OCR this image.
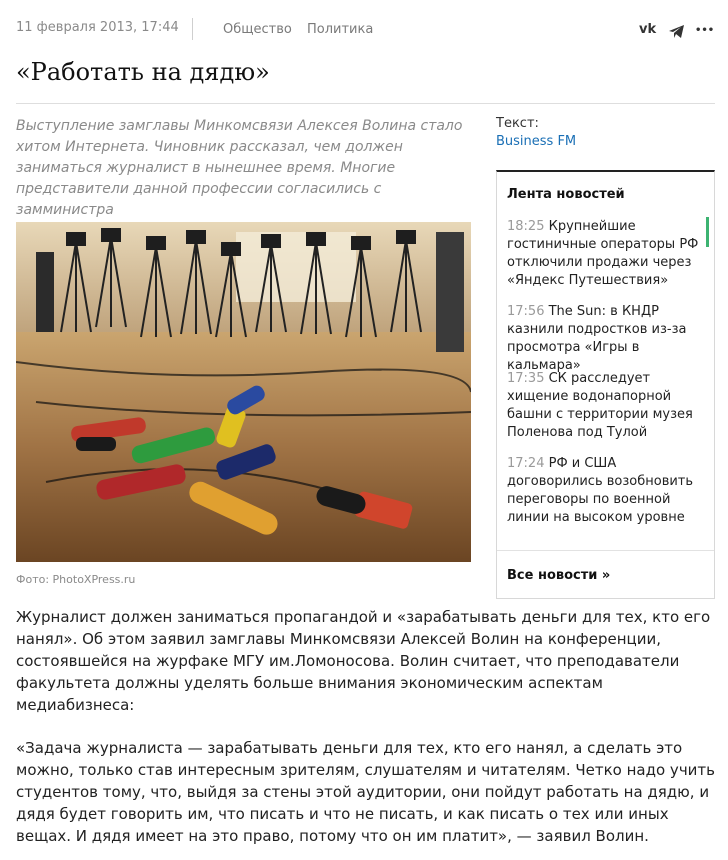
11 февраля 2013, 17:44	Общество Политика	vk	•••
«Работать на дядю»
Выступление замглавы Минкомсвязи Алексея Волина стало хитом Интернета. Чиновник рассказал, чем должен заниматься журналист в нынешнее время. Многие представители данной профессии согласились с замминистра
Текст:
Business FM
Фото: PhotoXPress.ru
Лента новостей
18:25 Крупнейшие гостиничные операторы РФ отключили продажи через «Яндекс Путешествия»
17:56 The Sun: в КНДР казнили подростков из-за просмотра «Игры в кальмара»
17:35 СК расследует хищение водонапорной башни с территории музея Поленова под Тулой
17:24 РФ и США договорились возобновить переговоры по военной линии на высоком уровне
Все новости »
Журналист должен заниматься пропагандой и «зарабатывать деньги для тех, кто его нанял». Об этом заявил замглавы Минкомсвязи Алексей Волин на конференции, состоявшейся на журфаке МГУ им.Ломоносова. Волин считает, что преподаватели факультета должны уделять больше внимания экономическим аспектам медиабизнеса:
«Задача журналиста — зарабатывать деньги для тех, кто его нанял, а сделать это можно, только став интересным зрителям, слушателям и читателям. Четко надо учить студентов тому, что, выйдя за стены этой аудитории, они пойдут работать на дядю, и дядя будет говорить им, что писать и что не писать, и как писать о тех или иных вещах. И дядя имеет на это право, потому что он им платит», — заявил Волин.
